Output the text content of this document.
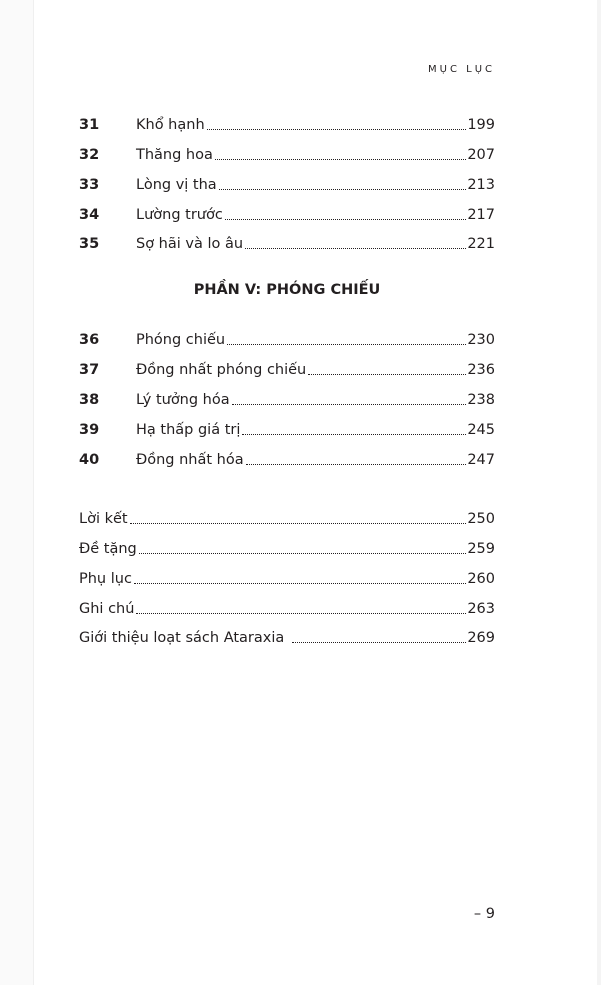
MỤC LỤC
31	Khổ hạnh	199
32	Thăng hoa	207
33	Lòng vị tha	213
34	Lường trước	217
35	Sợ hãi và lo âu	221
PHẦN V: PHÓNG CHIẾU
36	Phóng chiếu	230
37	Đồng nhất phóng chiếu	236
38	Lý tưởng hóa	238
39	Hạ thấp giá trị	245
40	Đồng nhất hóa	247
Lời kết	250
Đề tặng	259
Phụ lục	260
Ghi chú	263
Giới thiệu loạt sách Ataraxia	269
– 9
